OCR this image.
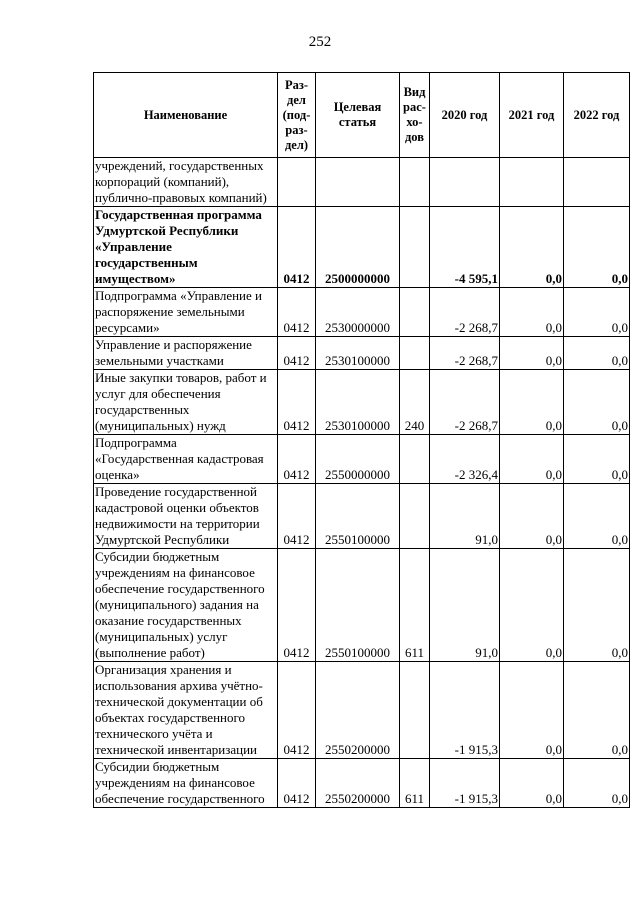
252
Наименование	Раз- дел (под- раз- дел)	Целевая статья	Вид рас- хо- дов	2020 год	2021 год	2022 год
учреждений, государственных корпораций (компаний), публично-правовых компаний)						
Государственная программа Удмуртской Республики «Управление государственным имуществом»	0412	2500000000		-4 595,1	0,0	0,0
Подпрограмма «Управление и распоряжение земельными ресурсами»	0412	2530000000		-2 268,7	0,0	0,0
Управление и распоряжение земельными участками	0412	2530100000		-2 268,7	0,0	0,0
Иные закупки товаров, работ и услуг для обеспечения государственных (муниципальных) нужд	0412	2530100000	240	-2 268,7	0,0	0,0
Подпрограмма «Государственная кадастровая оценка»	0412	2550000000		-2 326,4	0,0	0,0
Проведение государственной кадастровой оценки объектов недвижимости на территории Удмуртской Республики	0412	2550100000		91,0	0,0	0,0
Субсидии бюджетным учреждениям на финансовое обеспечение государственного (муниципального) задания на оказание государственных (муниципальных) услуг (выполнение работ)	0412	2550100000	611	91,0	0,0	0,0
Организация хранения и использования архива учётно-технической документации об объектах государственного технического учёта и технической инвентаризации	0412	2550200000		-1 915,3	0,0	0,0
Субсидии бюджетным учреждениям на финансовое обеспечение государственного	0412	2550200000	611	-1 915,3	0,0	0,0
